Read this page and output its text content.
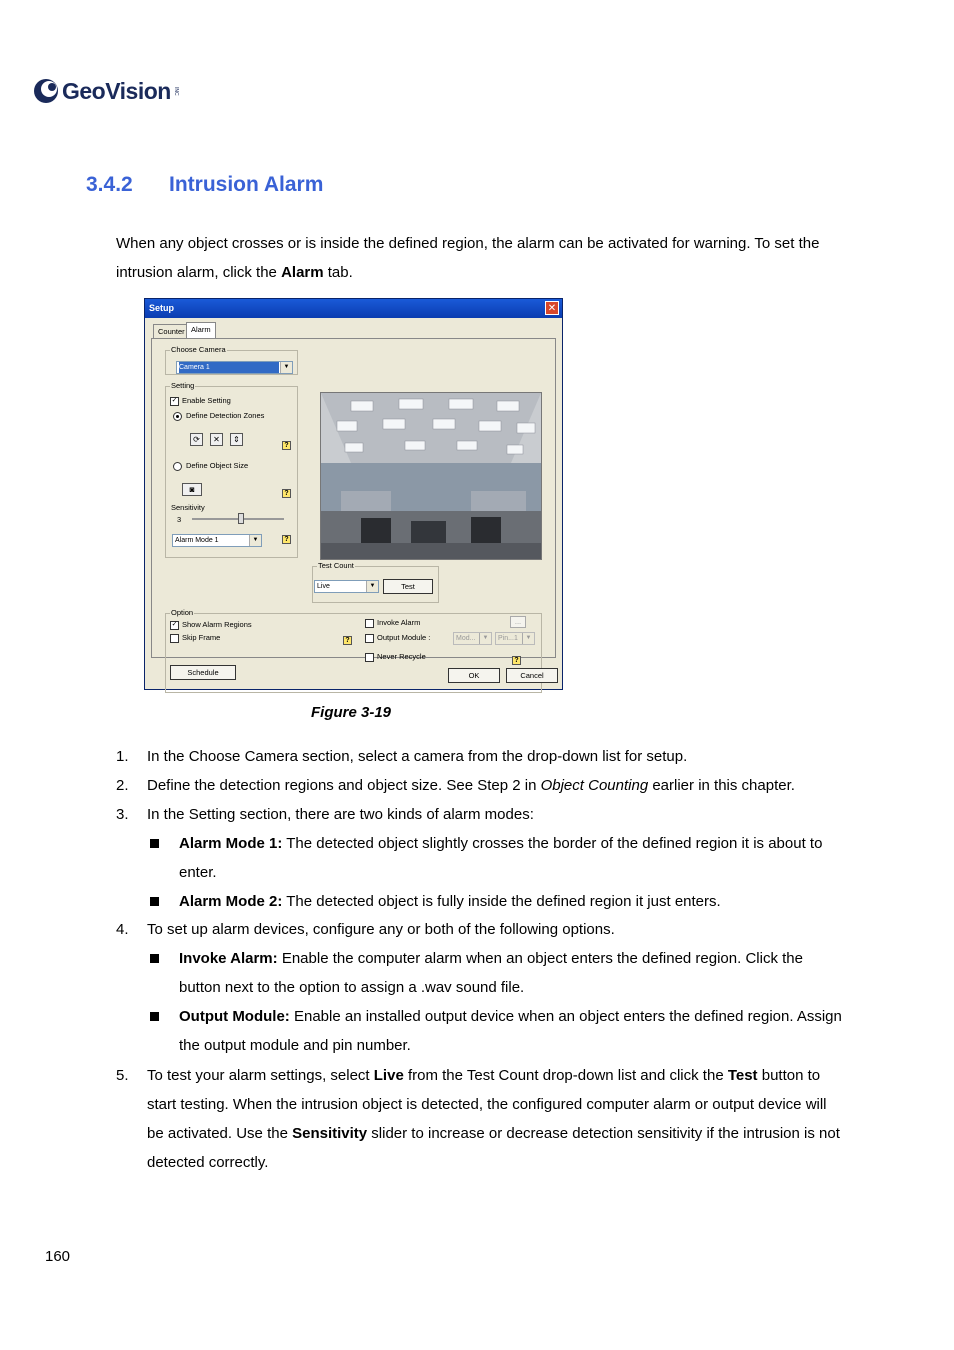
GeoVision INC
3.4.2 Intrusion Alarm
When any object crosses or is inside the defined region, the alarm can be activated for warning. To set the intrusion alarm, click the Alarm tab.
Setup	✕
Counter Alarm
Choose Camera
Camera 1	▼
Setting
✓ Enable Setting
Define Detection Zones
⟳	✕	⇕
?
Define Object Size
◙	?
Sensitivity
3
Alarm Mode 1	▼	?
Test Count
Live	▼	Test
Option
✓ Show Alarm Regions
Skip Frame	?
Invoke Alarm	...
Output Module :	Mod...	▼	Pin...1	▼
Never Recycle	?
Schedule	OK	Cancel
Figure 3-19
1. In the Choose Camera section, select a camera from the drop-down list for setup.
2. Define the detection regions and object size. See Step 2 in Object Counting earlier in this chapter.
3. In the Setting section, there are two kinds of alarm modes:
Alarm Mode 1: The detected object slightly crosses the border of the defined region it is about to enter.
Alarm Mode 2: The detected object is fully inside the defined region it just enters.
4. To set up alarm devices, configure any or both of the following options.
Invoke Alarm: Enable the computer alarm when an object enters the defined region. Click the button next to the option to assign a .wav sound file.
Output Module: Enable an installed output device when an object enters the defined region. Assign the output module and pin number.
5. To test your alarm settings, select Live from the Test Count drop-down list and click the Test button to start testing. When the intrusion object is detected, the configured computer alarm or output device will be activated. Use the Sensitivity slider to increase or decrease detection sensitivity if the intrusion is not detected correctly.
160
